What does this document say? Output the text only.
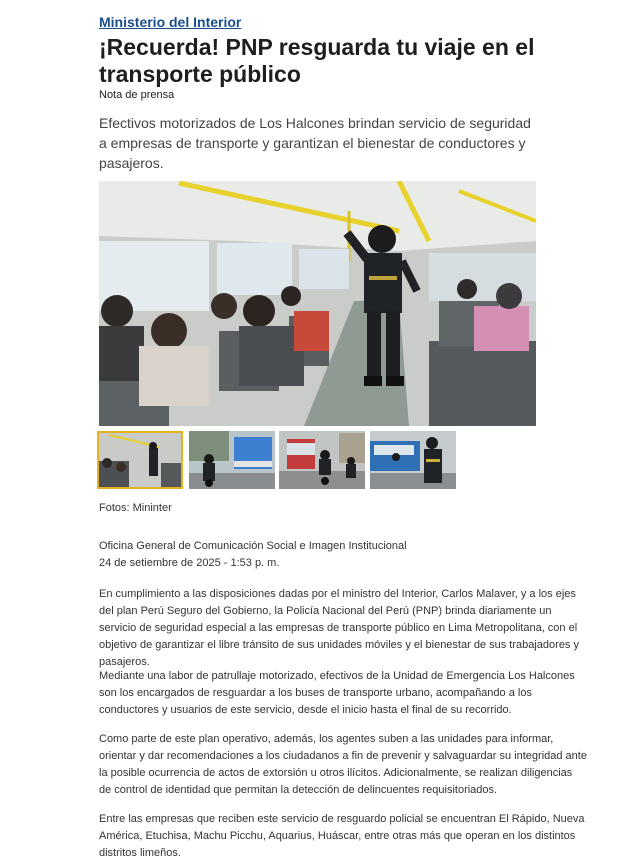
Ministerio del Interior
¡Recuerda! PNP resguarda tu viaje en el transporte público
Nota de prensa

Efectivos motorizados de Los Halcones brindan servicio de seguridad a empresas de transporte y garantizan el bienestar de conductores y pasajeros.

Fotos: Mininter
Oficina General de Comunicación Social e Imagen Institucional
24 de setiembre de 2025 - 1:53 p. m.

En cumplimiento a las disposiciones dadas por el ministro del Interior, Carlos Malaver, y a los ejes del plan Perú Seguro del Gobierno, la Policía Nacional del Perú (PNP) brinda diariamente un servicio de seguridad especial a las empresas de transporte público en Lima Metropolitana, con el objetivo de garantizar el libre tránsito de sus unidades móviles y el bienestar de sus trabajadores y pasajeros.

Mediante una labor de patrullaje motorizado, efectivos de la Unidad de Emergencia Los Halcones son los encargados de resguardar a los buses de transporte urbano, acompañando a los conductores y usuarios de este servicio, desde el inicio hasta el final de su recorrido.

Como parte de este plan operativo, además, los agentes suben a las unidades para informar, orientar y dar recomendaciones a los ciudadanos a fin de prevenir y salvaguardar su integridad ante la posible ocurrencia de actos de extorsión u otros ilícitos. Adicionalmente, se realizan diligencias de control de identidad que permitan la detección de delincuentes requisitoriados.

Entre las empresas que reciben este servicio de resguardo policial se encuentran El Rápido, Nueva América, Etuchisa, Machu Picchu, Aquarius, Huáscar, entre otras más que operan en los distintos distritos limeños.
